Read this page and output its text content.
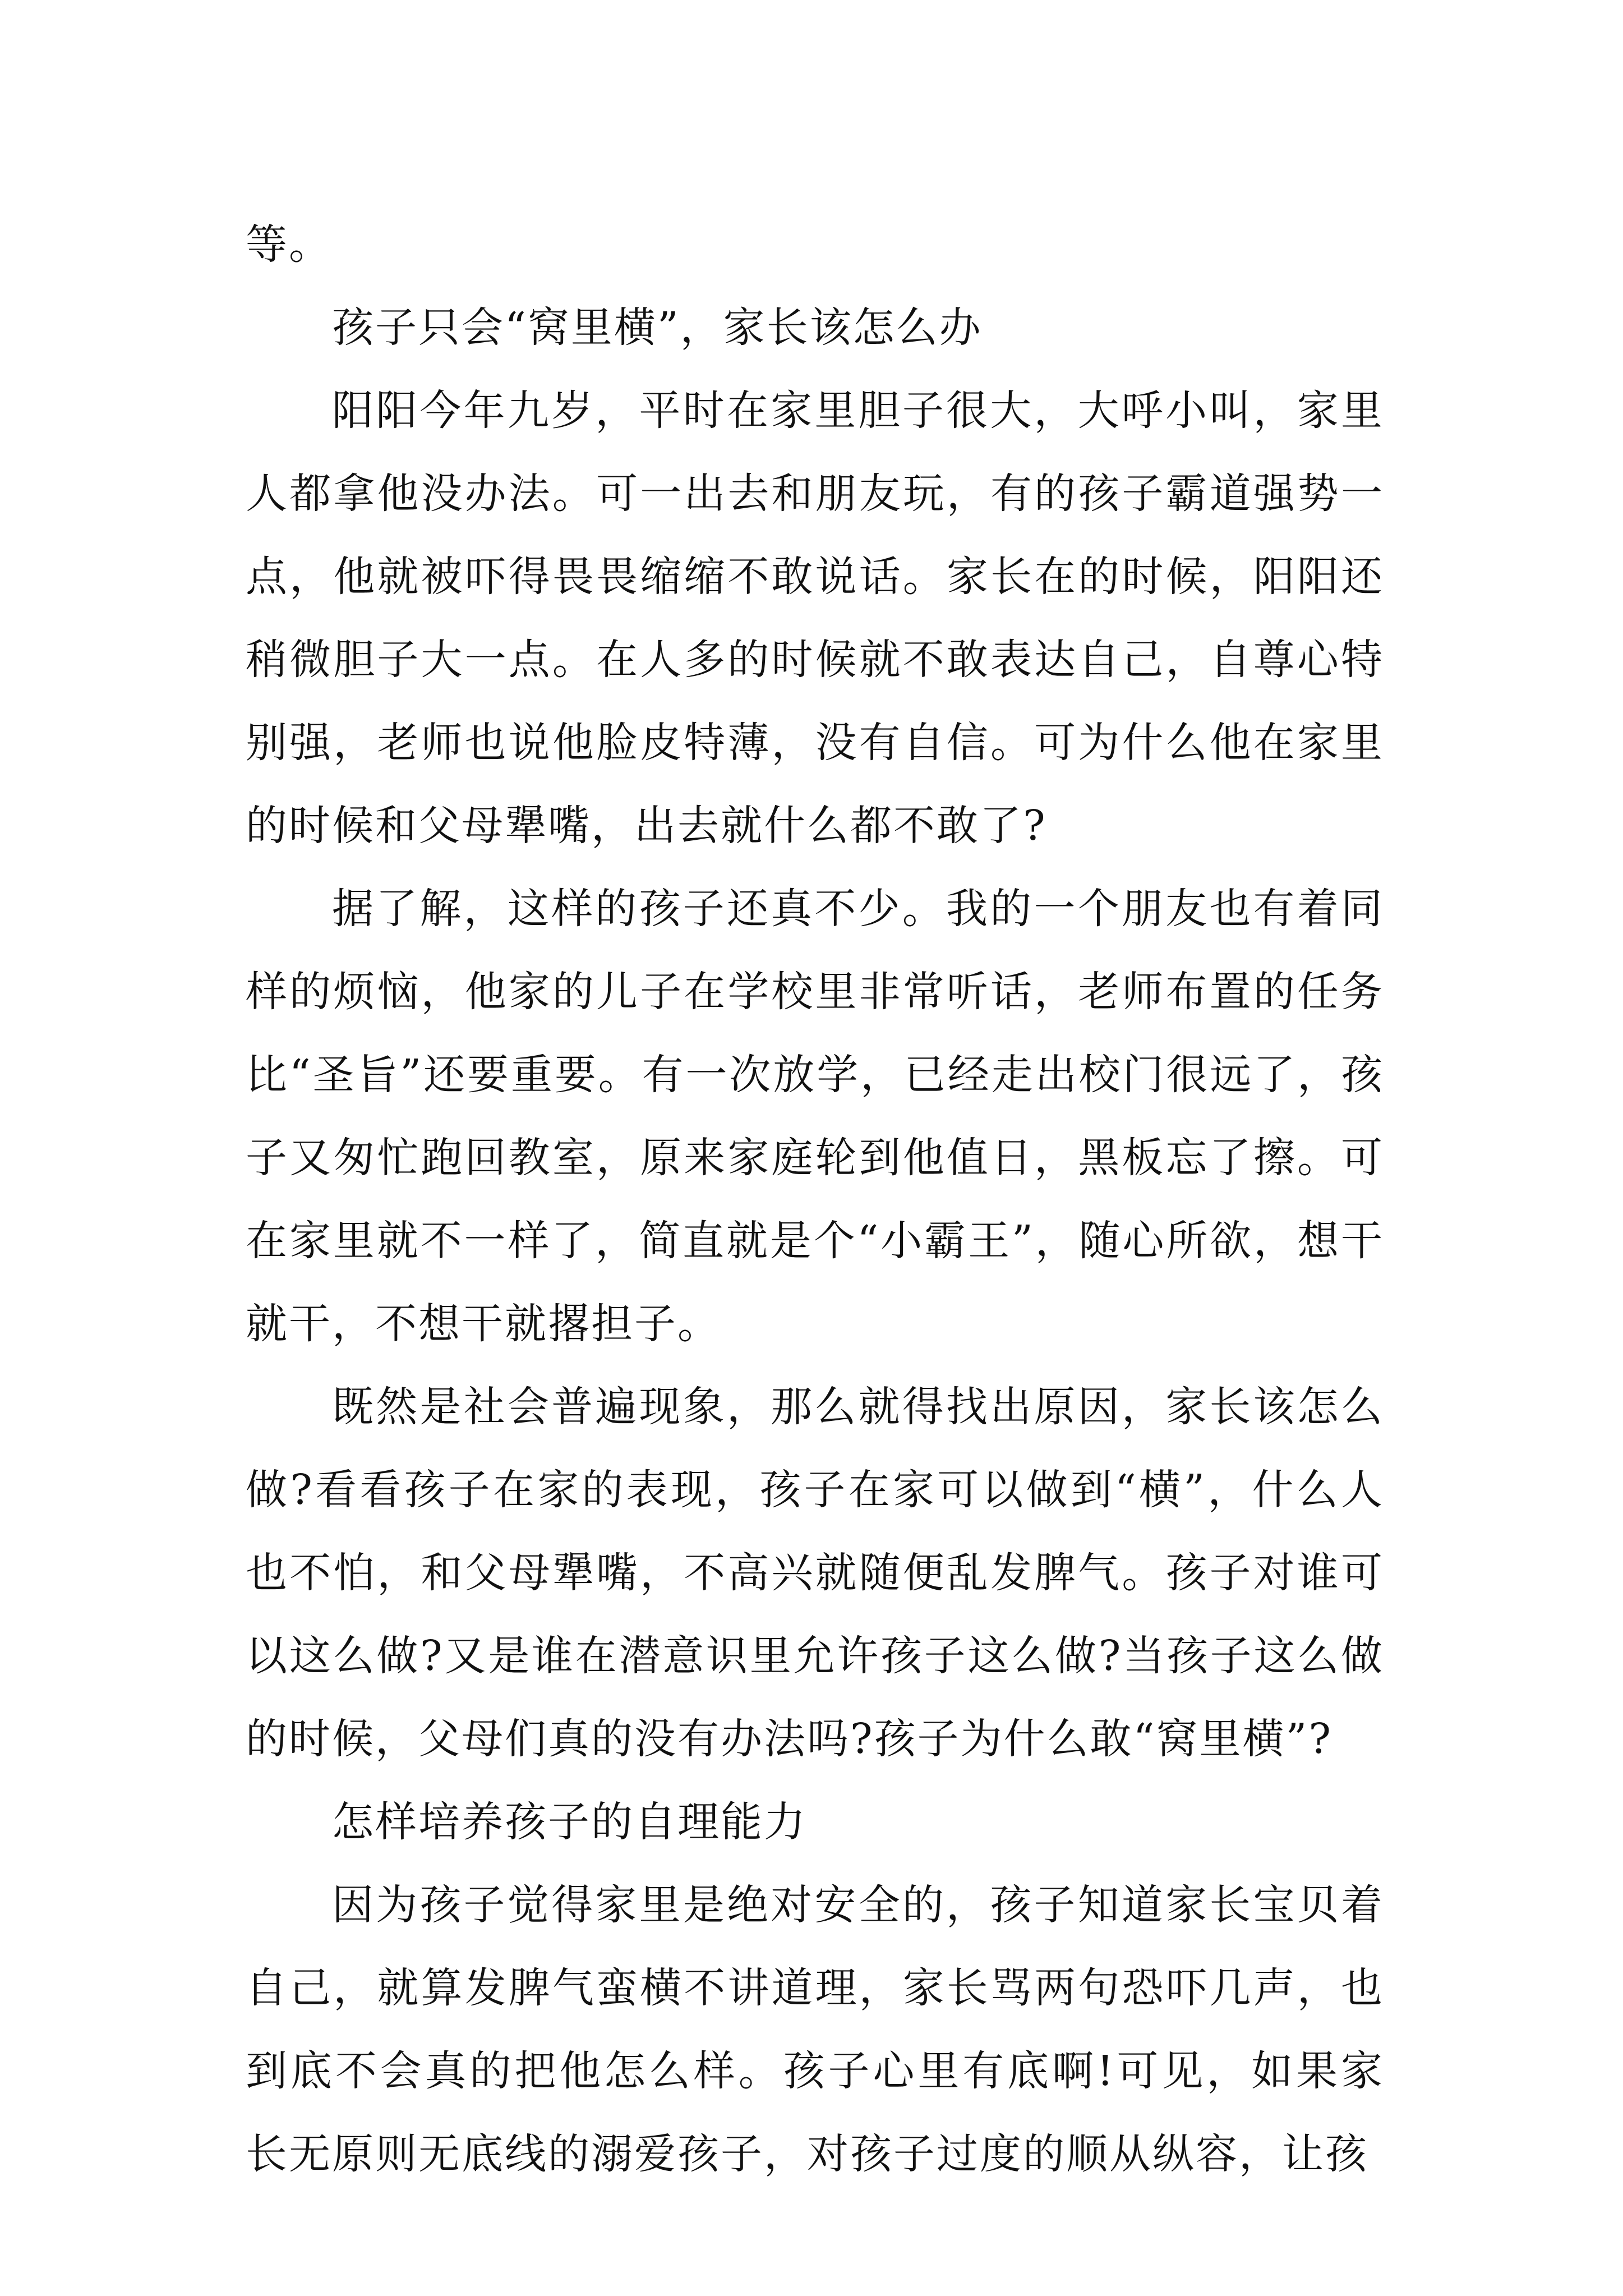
等。

孩子只会“窝里横”，家长该怎么办

阳阳今年九岁，平时在家里胆子很大，大呼小叫，家里人都拿他没办法。可一出去和朋友玩，有的孩子霸道强势一点，他就被吓得畏畏缩缩不敢说话。家长在的时候，阳阳还稍微胆子大一点。在人多的时候就不敢表达自己，自尊心特别强，老师也说他脸皮特薄，没有自信。可为什么他在家里的时候和父母犟嘴，出去就什么都不敢了?

据了解，这样的孩子还真不少。我的一个朋友也有着同样的烦恼，他家的儿子在学校里非常听话，老师布置的任务比“圣旨”还要重要。有一次放学，已经走出校门很远了，孩子又匆忙跑回教室，原来家庭轮到他值日，黑板忘了擦。可在家里就不一样了，简直就是个“小霸王”，随心所欲，想干就干，不想干就撂担子。

既然是社会普遍现象，那么就得找出原因，家长该怎么做?看看孩子在家的表现，孩子在家可以做到“横”，什么人也不怕，和父母犟嘴，不高兴就随便乱发脾气。孩子对谁可以这么做?又是谁在潜意识里允许孩子这么做?当孩子这么做的时候，父母们真的没有办法吗?孩子为什么敢“窝里横”?

怎样培养孩子的自理能力

因为孩子觉得家里是绝对安全的，孩子知道家长宝贝着自己，就算发脾气蛮横不讲道理，家长骂两句恐吓几声，也到底不会真的把他怎么样。孩子心里有底啊!可见，如果家长无原则无底线的溺爱孩子，对孩子过度的顺从纵容，让孩
